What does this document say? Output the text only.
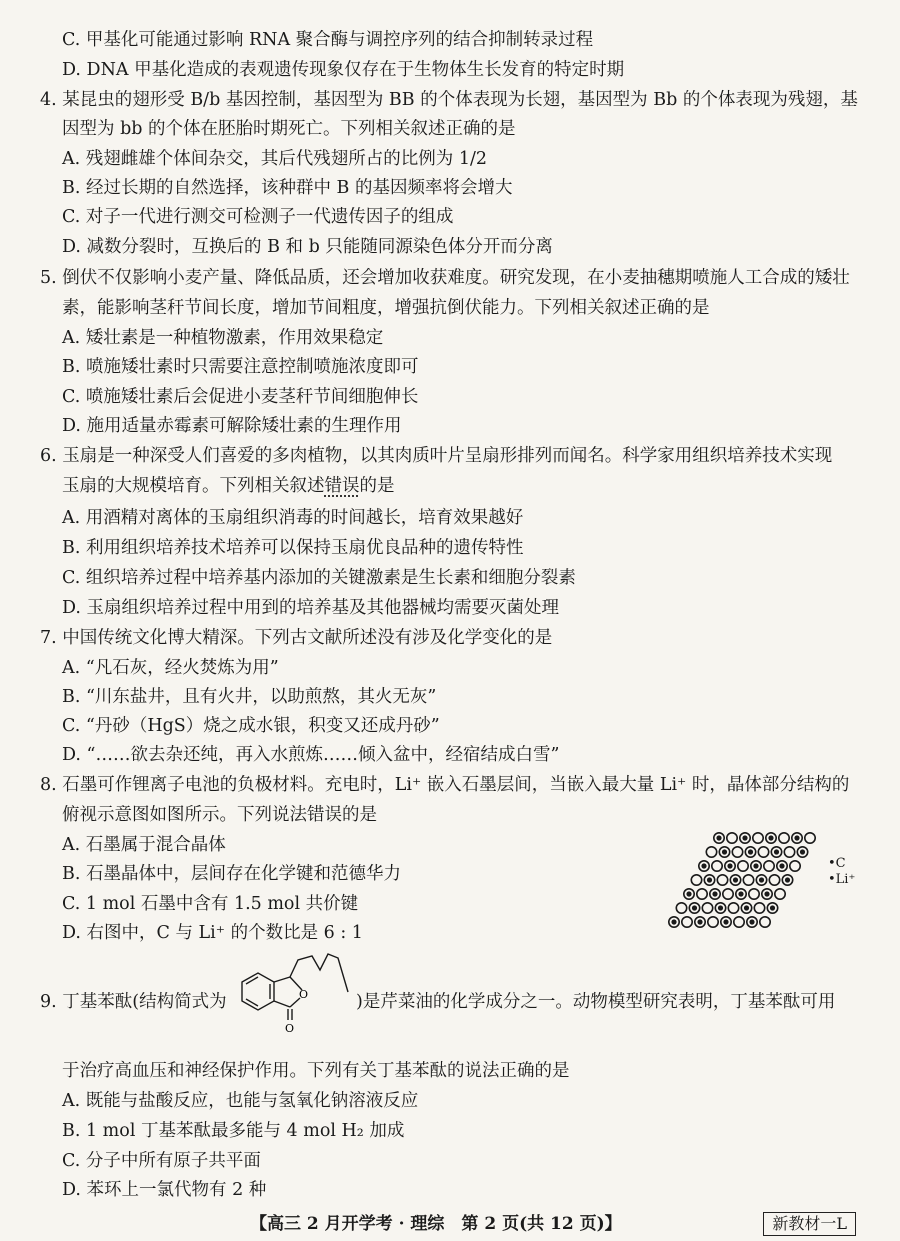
C. 甲基化可能通过影响 RNA 聚合酶与调控序列的结合抑制转录过程
D. DNA 甲基化造成的表观遗传现象仅存在于生物体生长发育的特定时期
4. 某昆虫的翅形受 B/b 基因控制，基因型为 BB 的个体表现为长翅，基因型为 Bb 的个体表现为残翅，基
因型为 bb 的个体在胚胎时期死亡。下列相关叙述正确的是
A. 残翅雌雄个体间杂交，其后代残翅所占的比例为 1/2
B. 经过长期的自然选择，该种群中 B 的基因频率将会增大
C. 对子一代进行测交可检测子一代遗传因子的组成
D. 减数分裂时，互换后的 B 和 b 只能随同源染色体分开而分离
5. 倒伏不仅影响小麦产量、降低品质，还会增加收获难度。研究发现，在小麦抽穗期喷施人工合成的矮壮
素，能影响茎秆节间长度，增加节间粗度，增强抗倒伏能力。下列相关叙述正确的是
A. 矮壮素是一种植物激素，作用效果稳定
B. 喷施矮壮素时只需要注意控制喷施浓度即可
C. 喷施矮壮素后会促进小麦茎秆节间细胞伸长
D. 施用适量赤霉素可解除矮壮素的生理作用
6. 玉扇是一种深受人们喜爱的多肉植物，以其肉质叶片呈扇形排列而闻名。科学家用组织培养技术实现
玉扇的大规模培育。下列相关叙述错误的是
A. 用酒精对离体的玉扇组织消毒的时间越长，培育效果越好
B. 利用组织培养技术培养可以保持玉扇优良品种的遗传特性
C. 组织培养过程中培养基内添加的关键激素是生长素和细胞分裂素
D. 玉扇组织培养过程中用到的培养基及其他器械均需要灭菌处理
7. 中国传统文化博大精深。下列古文献所述没有涉及化学变化的是
A. “凡石灰，经火焚炼为用”
B. “川东盐井，且有火井，以助煎熬，其火无灰”
C. “丹砂（HgS）烧之成水银，积变又还成丹砂”
D. “……欲去杂还纯，再入水煎炼……倾入盆中，经宿结成白雪”
8. 石墨可作锂离子电池的负极材料。充电时，Li⁺ 嵌入石墨层间，当嵌入最大量 Li⁺ 时，晶体部分结构的
俯视示意图如图所示。下列说法错误的是
A. 石墨属于混合晶体
B. 石墨晶体中，层间存在化学键和范德华力
C. 1 mol 石墨中含有 1.5 mol 共价键
D. 右图中，C 与 Li⁺ 的个数比是 6 : 1
•C
•Li⁺
9. 丁基苯酞(结构简式为	O
O
)是芹菜油的化学成分之一。动物模型研究表明，丁基苯酞可用
于治疗高血压和神经保护作用。下列有关丁基苯酞的说法正确的是
A. 既能与盐酸反应，也能与氢氧化钠溶液反应
B. 1 mol 丁基苯酞最多能与 4 mol H₂ 加成
C. 分子中所有原子共平面
D. 苯环上一氯代物有 2 种
【高三 2 月开学考 · 理综　第 2 页(共 12 页)】	新教材一L
